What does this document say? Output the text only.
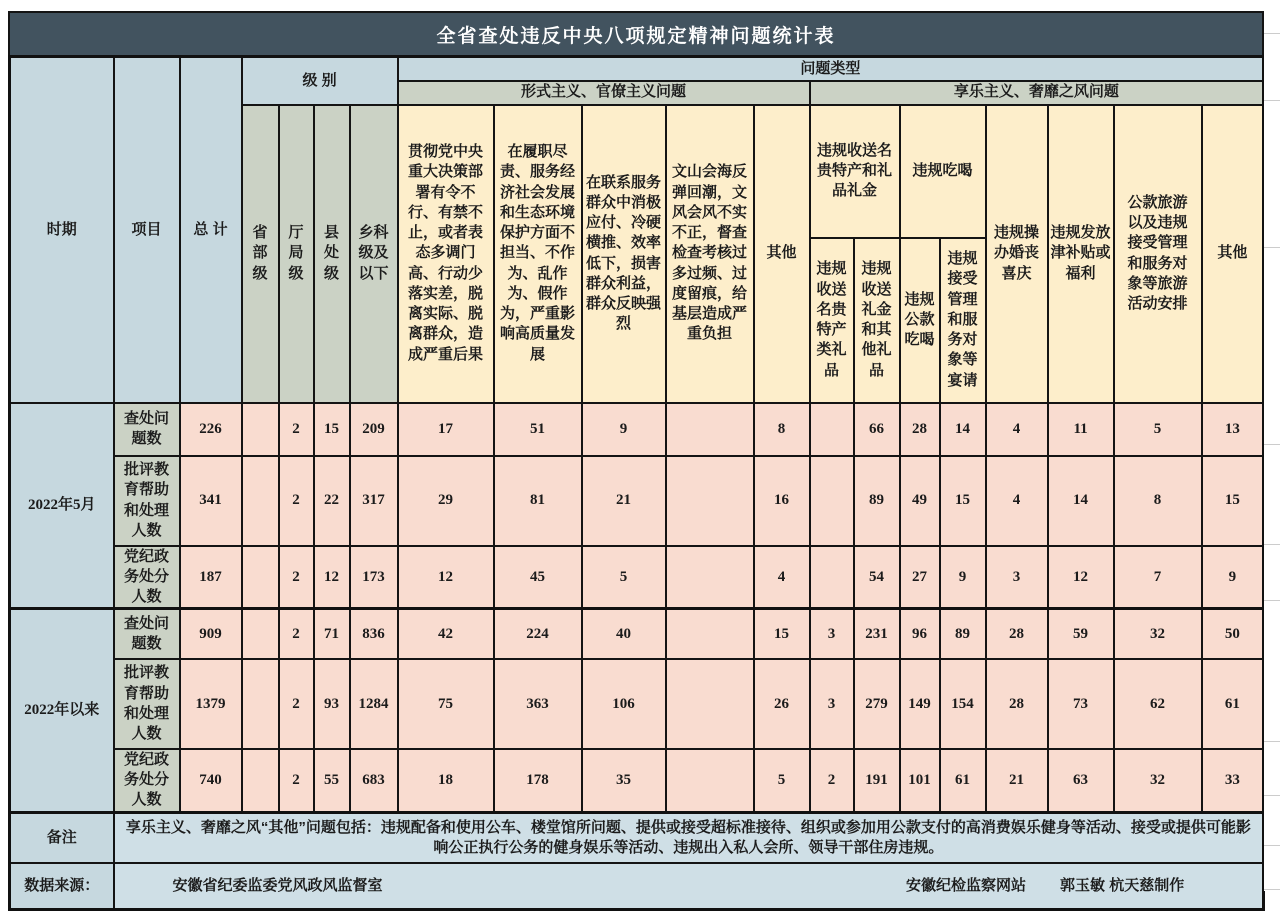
全省查处违反中央八项规定精神问题统计表
时期	项目	总 计	级 别				问题类型												
							形式主义、官僚主义问题					享乐主义、奢靡之风问题							
			省部级	厅局级	县处级	乡科级及以下	贯彻党中央重大决策部署有令不行、有禁不止，或者表态多调门高、行动少落实差，脱离实际、脱离群众，造成严重后果	在履职尽责、服务经济社会发展和生态环境保护方面不担当、不作为、乱作为、假作为，严重影响高质量发展	在联系服务群众中消极应付、冷硬横推、效率低下，损害群众利益，群众反映强烈	文山会海反弹回潮，文风会风不实不正，督查检查考核过多过频、过度留痕，给基层造成严重负担	其他	违规收送名贵特产和礼品礼金		违规吃喝		违规操办婚丧喜庆	违规发放津补贴或福利	公款旅游以及违规接受管理和服务对象等旅游活动安排	其他
												违规收送名贵特产类礼品	违规收送礼金和其他礼品	违规公款吃喝	违规接受管理和服务对象等宴请				
2022年5月	查处问题数	226		2	15	209	17	51	9		8		66	28	14	4	11	5	13
	批评教育帮助和处理人数	341		2	22	317	29	81	21		16		89	49	15	4	14	8	15
	党纪政务处分人数	187		2	12	173	12	45	5		4		54	27	9	3	12	7	9
2022年以来	查处问题数	909		2	71	836	42	224	40		15	3	231	96	89	28	59	32	50
	批评教育帮助和处理人数	1379		2	93	1284	75	363	106		26	3	279	149	154	28	73	62	61
	党纪政务处分人数	740		2	55	683	18	178	35		5	2	191	101	61	21	63	32	33
备注	享乐主义、奢靡之风“其他”问题包括：违规配备和使用公车、楼堂馆所问题、提供或接受超标准接待、组织或参加用公款支付的高消费娱乐健身等活动、接受或提供可能影响公正执行公务的健身娱乐等活动、违规出入私人会所、领导干部住房违规。																		
数据来源：	安徽省纪委监委党风政风监督室 安徽纪检监察网站 郭玉敏 杭天慈制作																		
